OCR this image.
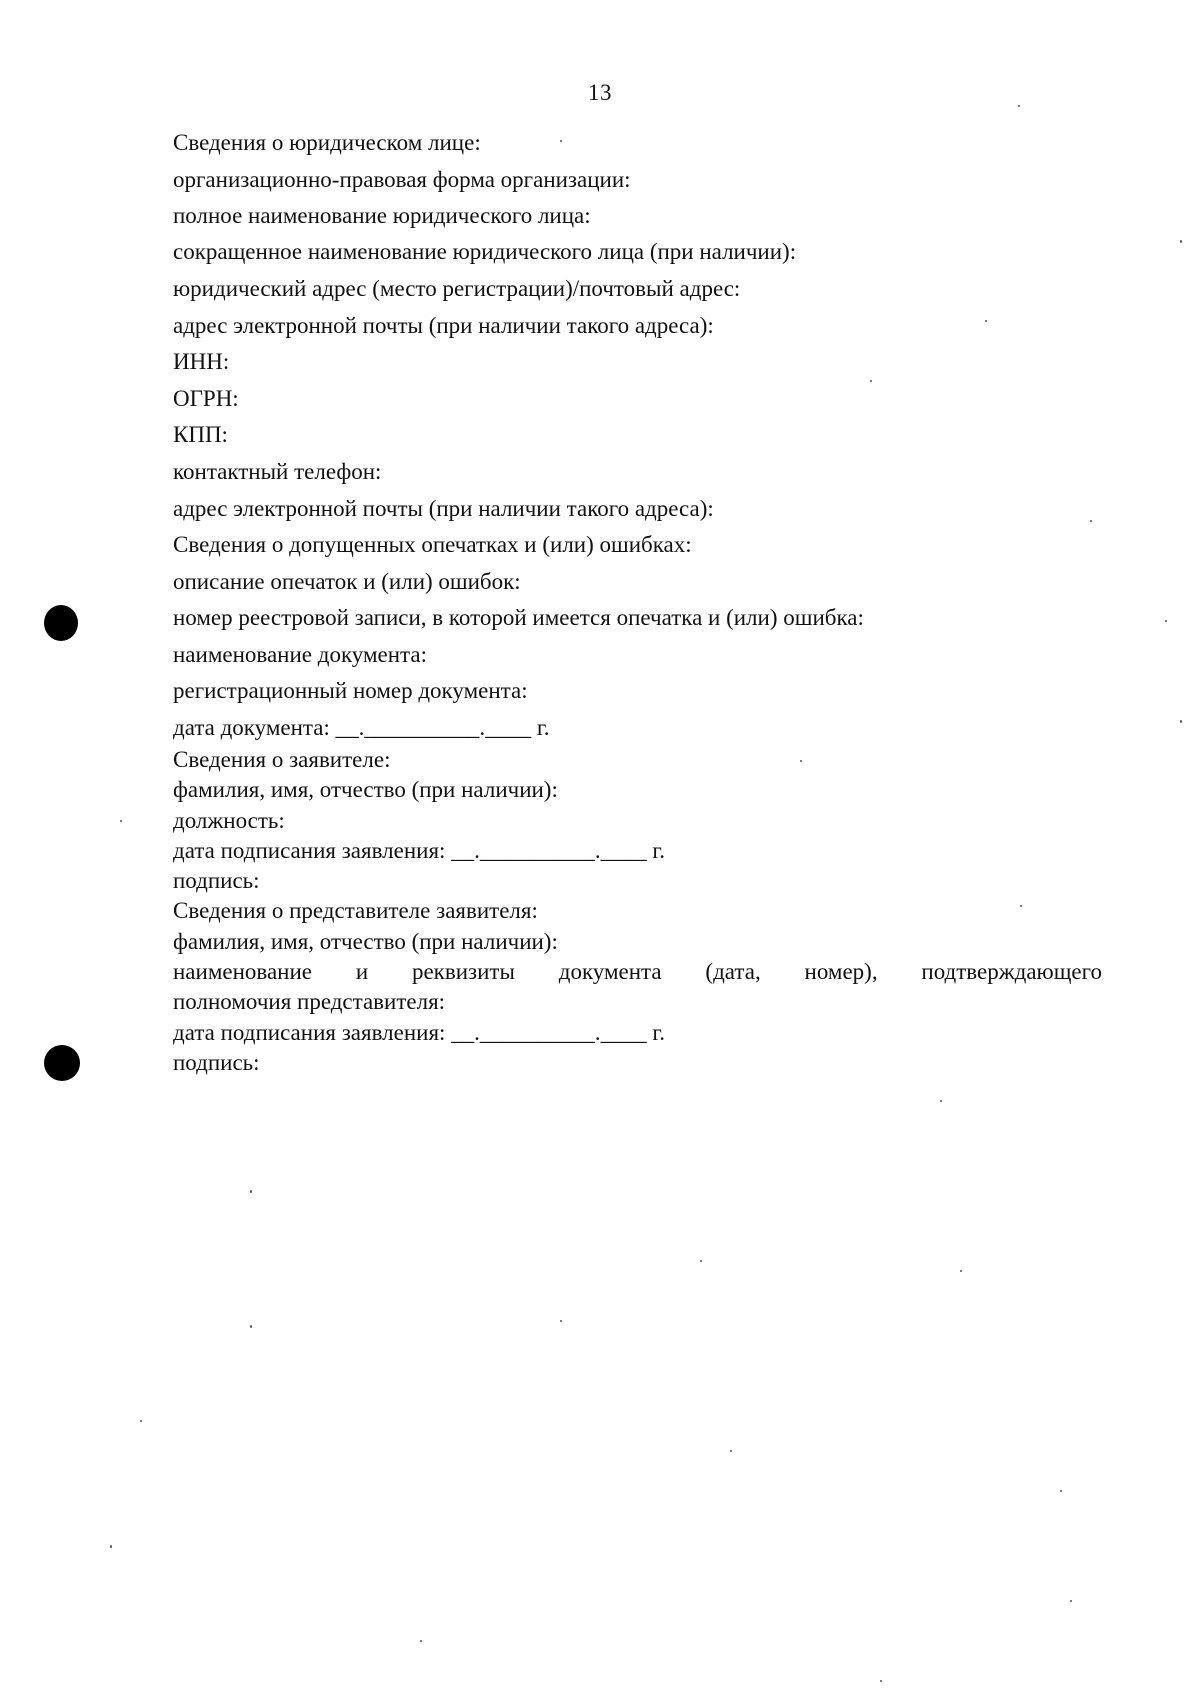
13
Сведения о юридическом лице:
организационно-правовая форма организации:
полное наименование юридического лица:
сокращенное наименование юридического лица (при наличии):
юридический адрес (место регистрации)/почтовый адрес:
адрес электронной почты (при наличии такого адреса):
ИНН:
ОГРН:
КПП:
контактный телефон:
адрес электронной почты (при наличии такого адреса):
Сведения о допущенных опечатках и (или) ошибках:
описание опечаток и (или) ошибок:
номер реестровой записи, в которой имеется опечатка и (или) ошибка:
наименование документа:
регистрационный номер документа:
дата документа: __.__________.____ г.
Сведения о заявителе:
фамилия, имя, отчество (при наличии):
должность:
дата подписания заявления: __.__________.____ г.
подпись:
Сведения о представителе заявителя:
фамилия, имя, отчество (при наличии):
наименование и реквизиты документа (дата, номер), подтверждающего
полномочия представителя:
дата подписания заявления: __.__________.____ г.
подпись:
